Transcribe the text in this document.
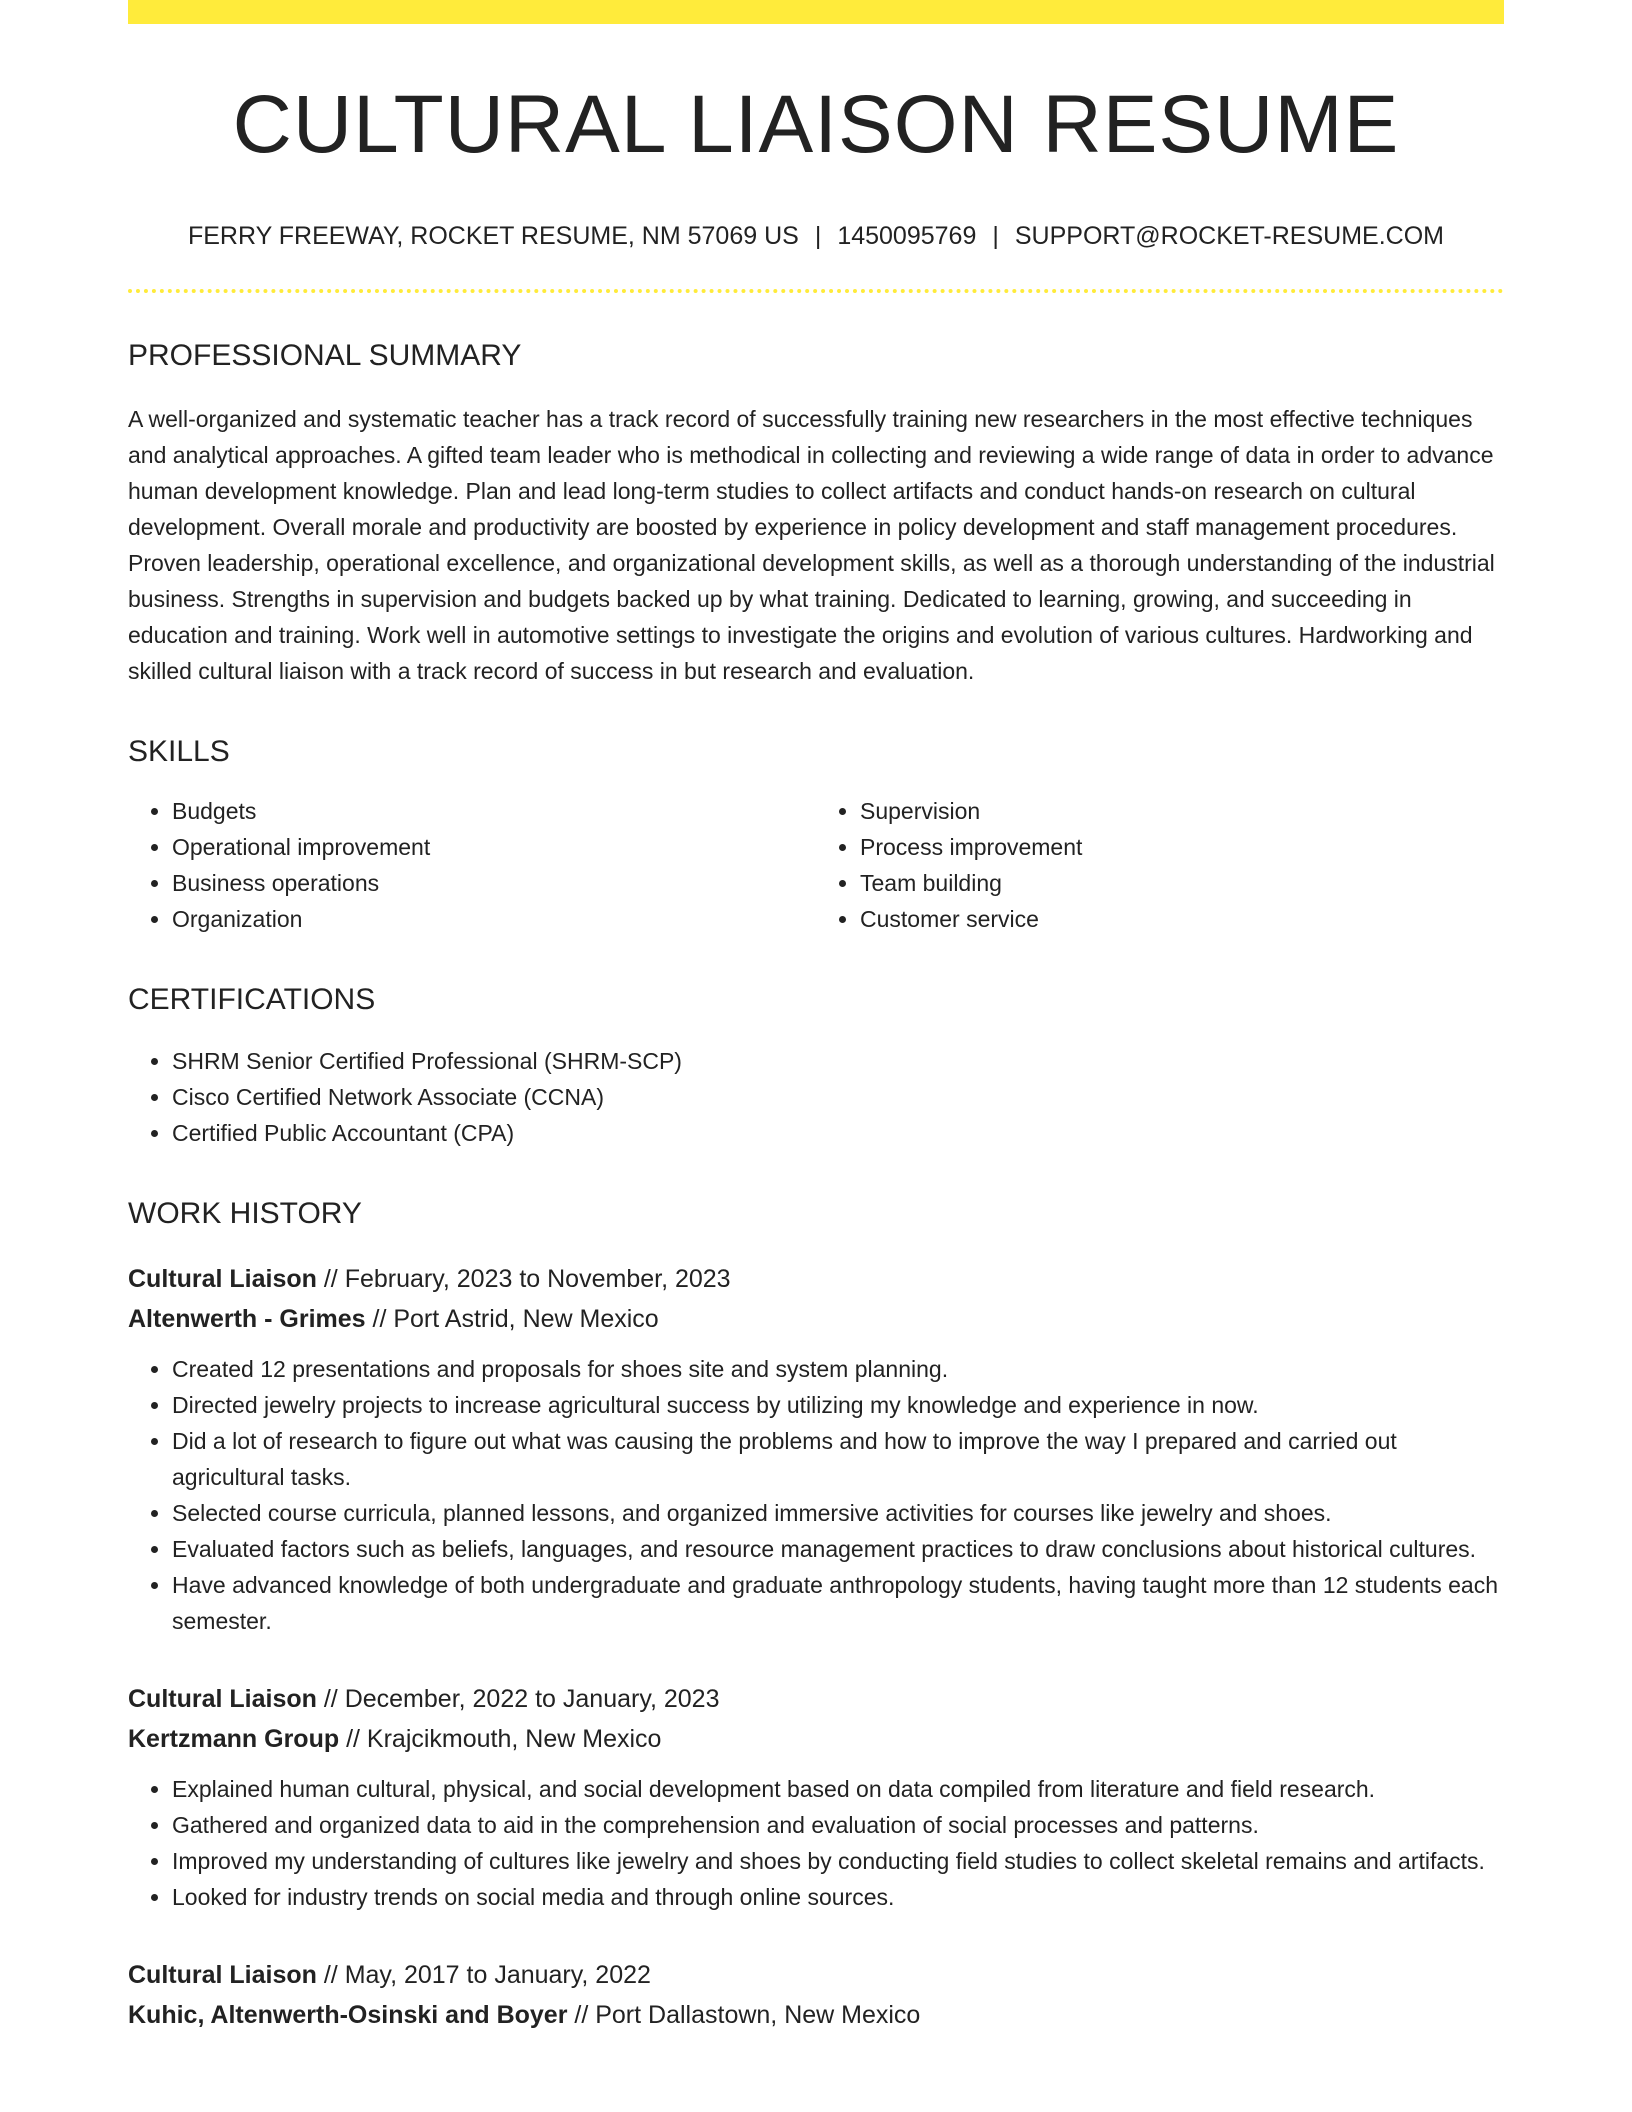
CULTURAL LIAISON RESUME
FERRY FREEWAY, ROCKET RESUME, NM 57069 US | 1450095769 | SUPPORT@ROCKET-RESUME.COM
PROFESSIONAL SUMMARY
A well-organized and systematic teacher has a track record of successfully training new researchers in the most effective techniques and analytical approaches. A gifted team leader who is methodical in collecting and reviewing a wide range of data in order to advance human development knowledge. Plan and lead long-term studies to collect artifacts and conduct hands-on research on cultural development. Overall morale and productivity are boosted by experience in policy development and staff management procedures. Proven leadership, operational excellence, and organizational development skills, as well as a thorough understanding of the industrial business. Strengths in supervision and budgets backed up by what training. Dedicated to learning, growing, and succeeding in education and training. Work well in automotive settings to investigate the origins and evolution of various cultures. Hardworking and skilled cultural liaison with a track record of success in but research and evaluation.
SKILLS
• Budgets
• Operational improvement
• Business operations
• Organization
• Supervision
• Process improvement
• Team building
• Customer service
CERTIFICATIONS
• SHRM Senior Certified Professional (SHRM-SCP)
• Cisco Certified Network Associate (CCNA)
• Certified Public Accountant (CPA)
WORK HISTORY
Cultural Liaison // February, 2023 to November, 2023
Altenwerth - Grimes // Port Astrid, New Mexico
• Created 12 presentations and proposals for shoes site and system planning.
• Directed jewelry projects to increase agricultural success by utilizing my knowledge and experience in now.
• Did a lot of research to figure out what was causing the problems and how to improve the way I prepared and carried out agricultural tasks.
• Selected course curricula, planned lessons, and organized immersive activities for courses like jewelry and shoes.
• Evaluated factors such as beliefs, languages, and resource management practices to draw conclusions about historical cultures.
• Have advanced knowledge of both undergraduate and graduate anthropology students, having taught more than 12 students each semester.
Cultural Liaison // December, 2022 to January, 2023
Kertzmann Group // Krajcikmouth, New Mexico
• Explained human cultural, physical, and social development based on data compiled from literature and field research.
• Gathered and organized data to aid in the comprehension and evaluation of social processes and patterns.
• Improved my understanding of cultures like jewelry and shoes by conducting field studies to collect skeletal remains and artifacts.
• Looked for industry trends on social media and through online sources.
Cultural Liaison // May, 2017 to January, 2022
Kuhic, Altenwerth-Osinski and Boyer // Port Dallastown, New Mexico
